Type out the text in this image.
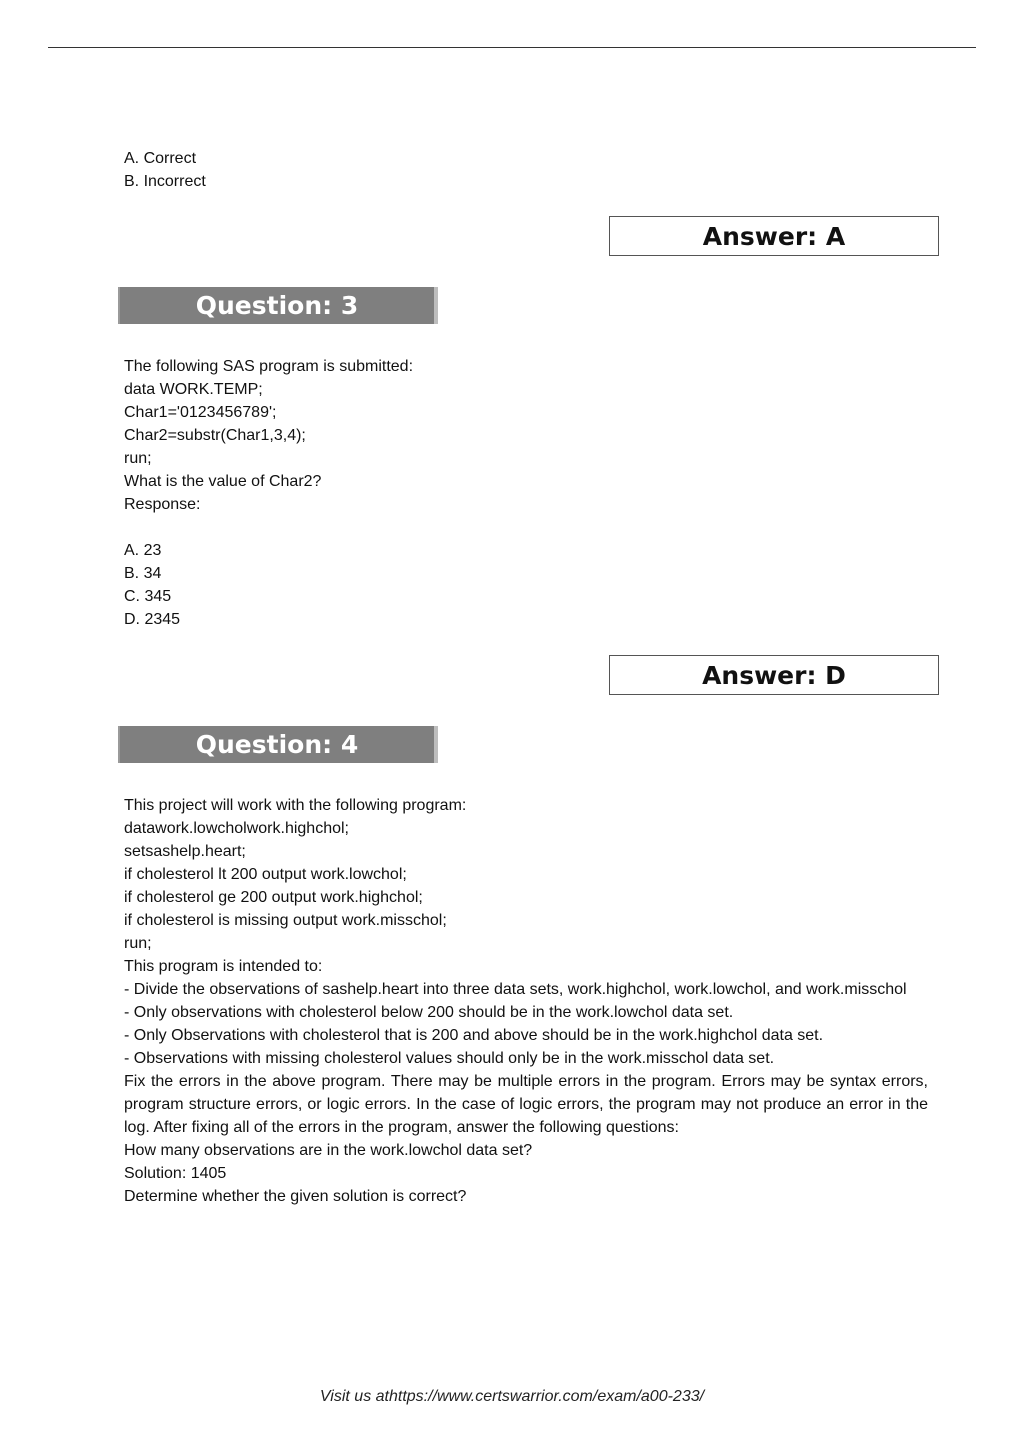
A. Correct
B. Incorrect
Answer: A
Question: 3
The following SAS program is submitted:
data WORK.TEMP;
Char1='0123456789';
Char2=substr(Char1,3,4);
run;
What is the value of Char2?
Response:
A. 23
B. 34
C. 345
D. 2345
Answer: D
Question: 4
This project will work with the following program:
datawork.lowcholwork.highchol;
setsashelp.heart;
if cholesterol lt 200 output work.lowchol;
if cholesterol ge 200 output work.highchol;
if cholesterol is missing output work.misschol;
run;
This program is intended to:
- Divide the observations of sashelp.heart into three data sets, work.highchol, work.lowchol, and work.misschol
- Only observations with cholesterol below 200 should be in the work.lowchol data set.
- Only Observations with cholesterol that is 200 and above should be in the work.highchol data set.
- Observations with missing cholesterol values should only be in the work.misschol data set.
Fix the errors in the above program. There may be multiple errors in the program. Errors may be syntax errors, program structure errors, or logic errors. In the case of logic errors, the program may not produce an error in the log. After fixing all of the errors in the program, answer the following questions:
How many observations are in the work.lowchol data set?
Solution: 1405
Determine whether the given solution is correct?
Visit us athttps://www.certswarrior.com/exam/a00-233/
